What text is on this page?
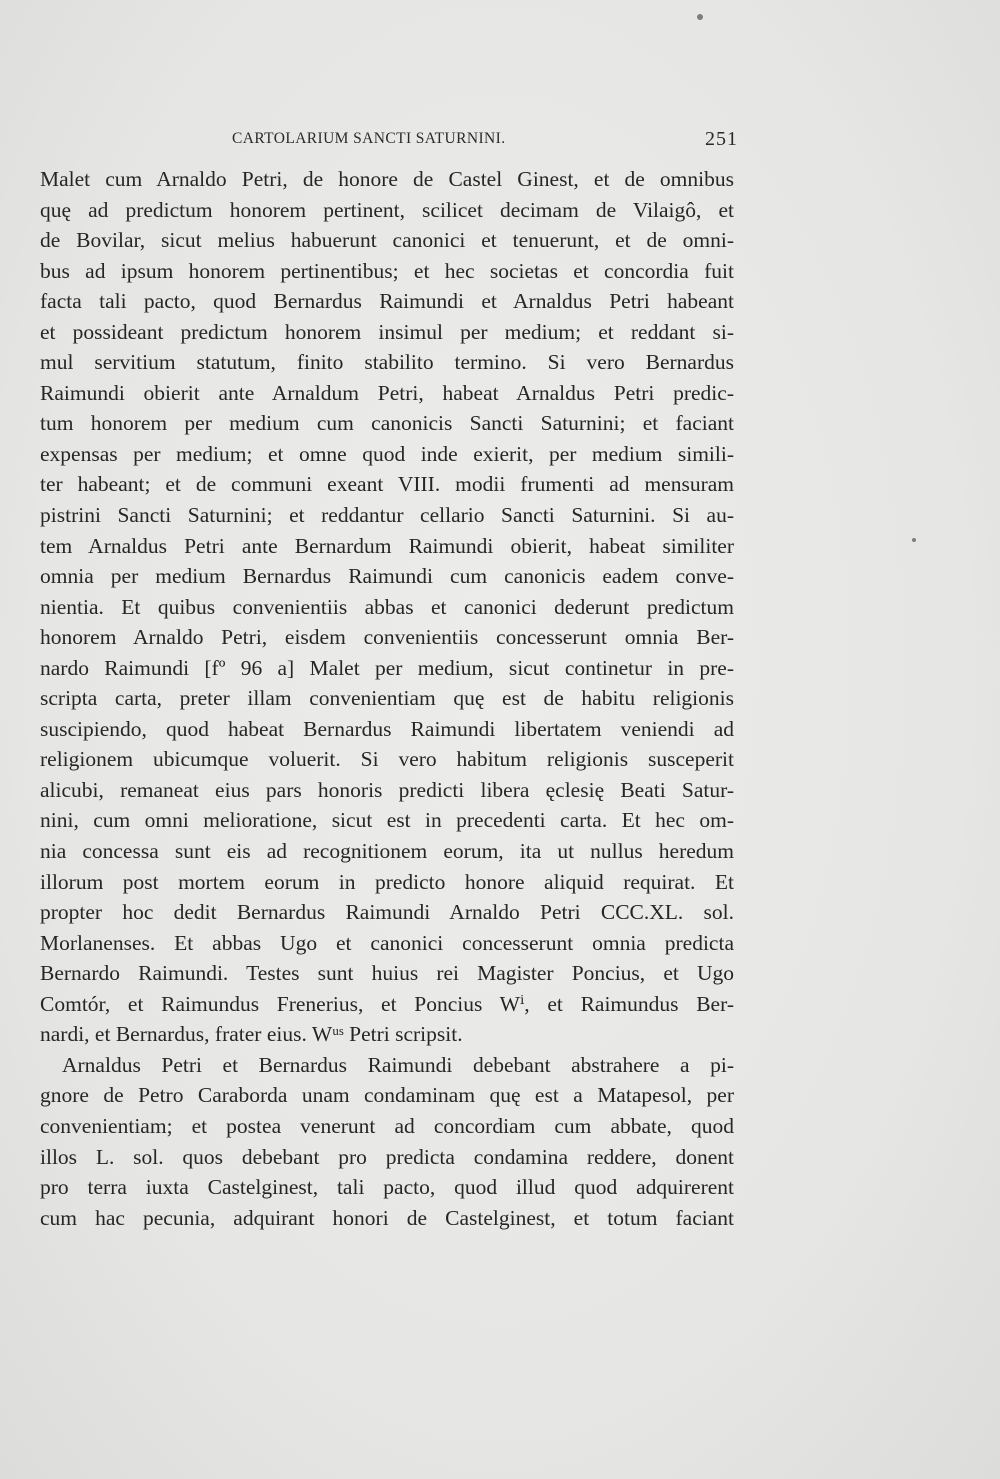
CARTOLARIUM SANCTI SATURNINI.	251
Malet cum Arnaldo Petri, de honore de Castel Ginest, et de omnibus
quę ad predictum honorem pertinent, scilicet decimam de Vilaigô, et
de Bovilar, sicut melius habuerunt canonici et tenuerunt, et de omni-
bus ad ipsum honorem pertinentibus; et hec societas et concordia fuit
facta tali pacto, quod Bernardus Raimundi et Arnaldus Petri habeant
et possideant predictum honorem insimul per medium; et reddant si-
mul servitium statutum, finito stabilito termino. Si vero Bernardus
Raimundi obierit ante Arnaldum Petri, habeat Arnaldus Petri predic-
tum honorem per medium cum canonicis Sancti Saturnini; et faciant
expensas per medium; et omne quod inde exierit, per medium simili-
ter habeant; et de communi exeant VIII. modii frumenti ad mensuram
pistrini Sancti Saturnini; et reddantur cellario Sancti Saturnini. Si au-
tem Arnaldus Petri ante Bernardum Raimundi obierit, habeat similiter
omnia per medium Bernardus Raimundi cum canonicis eadem conve-
nientia. Et quibus convenientiis abbas et canonici dederunt predictum
honorem Arnaldo Petri, eisdem convenientiis concesserunt omnia Ber-
nardo Raimundi [fº 96 a] Malet per medium, sicut continetur in pre-
scripta carta, preter illam convenientiam quę est de habitu religionis
suscipiendo, quod habeat Bernardus Raimundi libertatem veniendi ad
religionem ubicumque voluerit. Si vero habitum religionis susceperit
alicubi, remaneat eius pars honoris predicti libera ęclesię Beati Satur-
nini, cum omni melioratione, sicut est in precedenti carta. Et hec om-
nia concessa sunt eis ad recognitionem eorum, ita ut nullus heredum
illorum post mortem eorum in predicto honore aliquid requirat. Et
propter hoc dedit Bernardus Raimundi Arnaldo Petri CCC.XL. sol.
Morlanenses. Et abbas Ugo et canonici concesserunt omnia predicta
Bernardo Raimundi. Testes sunt huius rei Magister Poncius, et Ugo
Comtór, et Raimundus Frenerius, et Poncius Wⁱ, et Raimundus Ber-
nardi, et Bernardus, frater eius. Wᵘˢ Petri scripsit.
Arnaldus Petri et Bernardus Raimundi debebant abstrahere a pi-
gnore de Petro Caraborda unam condaminam quę est a Matapesol, per
convenientiam; et postea venerunt ad concordiam cum abbate, quod
illos L. sol. quos debebant pro predicta condamina reddere, donent
pro terra iuxta Castelginest, tali pacto, quod illud quod adquirerent
cum hac pecunia, adquirant honori de Castelginest, et totum faciant
